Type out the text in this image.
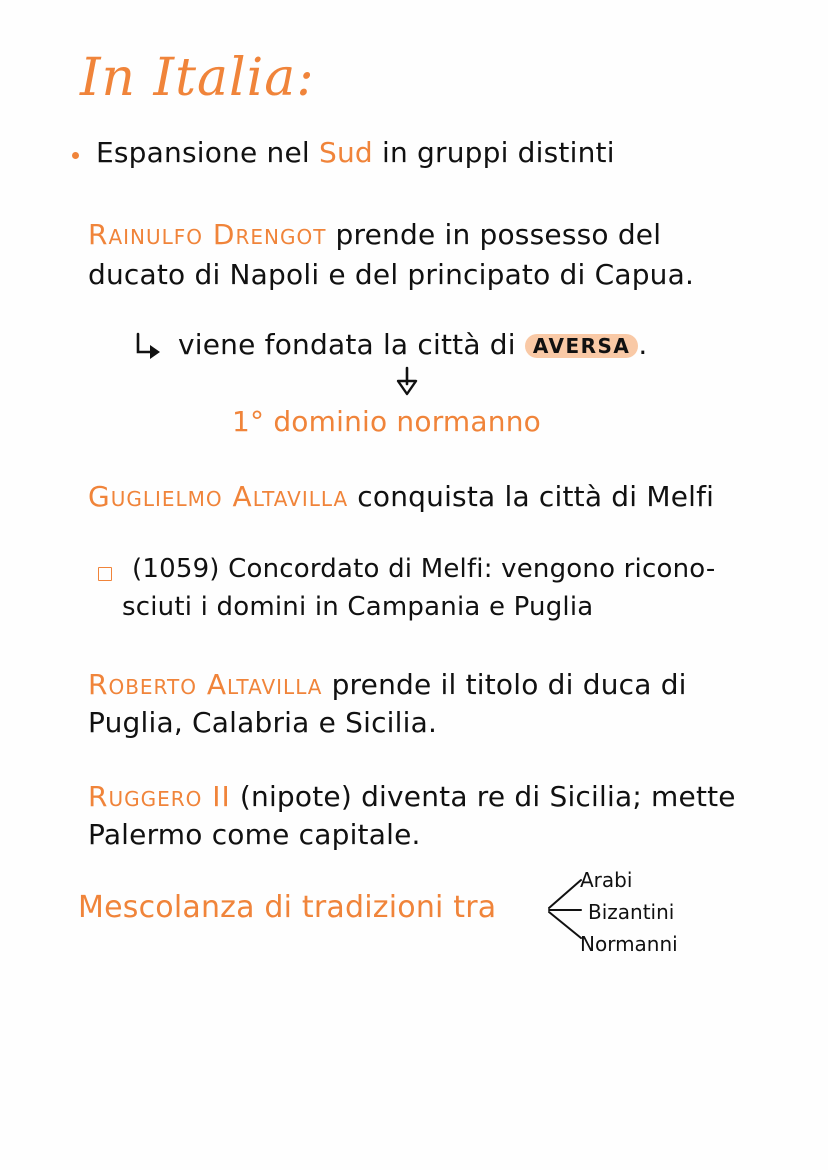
In Italia:
Espansione nel Sud in gruppi distinti
Rainulfo Drengot prende in possesso del
ducato di Napoli e del principato di Capua.
viene fondata la città di AVERSA .
1° dominio normanno
Guglielmo Altavilla conquista la città di Melfi
(1059) Concordato di Melfi: vengono ricono-
sciuti i domini in Campania e Puglia
Roberto Altavilla prende il titolo di duca di
Puglia, Calabria e Sicilia.
Ruggero II (nipote) diventa re di Sicilia; mette
Palermo come capitale.
Mescolanza di tradizioni tra
Arabi
Bizantini
Normanni
